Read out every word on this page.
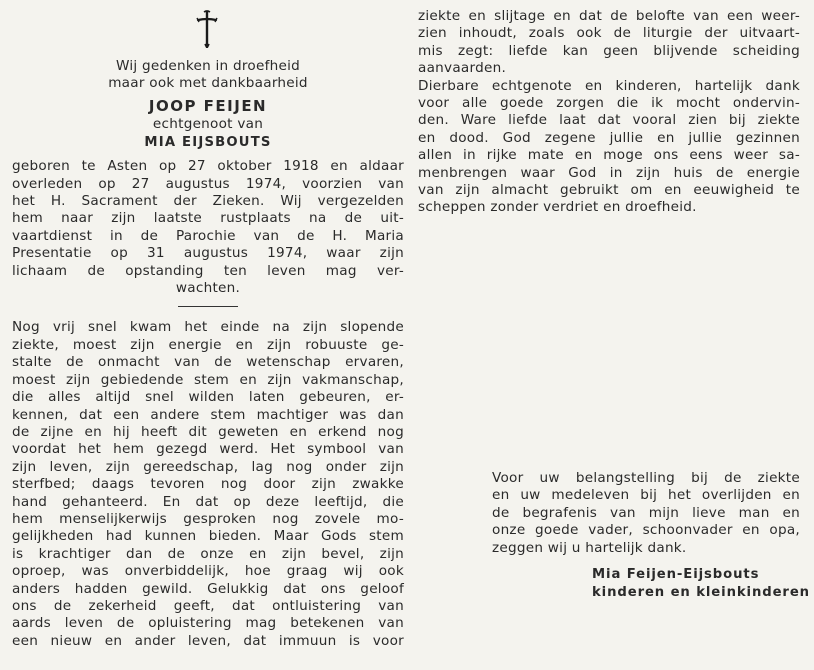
Wij gedenken in droefheid
maar ook met dankbaarheid
JOOP FEIJEN
echtgenoot van
MIA EIJSBOUTS
geboren te Asten op 27 oktober 1918 en aldaar
overleden op 27 augustus 1974, voorzien van
het H. Sacrament der Zieken. Wij vergezelden
hem naar zijn laatste rustplaats na de uit-
vaartdienst in de Parochie van de H. Maria
Presentatie op 31 augustus 1974, waar zijn
lichaam de opstanding ten leven mag ver-
wachten.
Nog vrij snel kwam het einde na zijn slopende
ziekte, moest zijn energie en zijn robuuste ge-
stalte de onmacht van de wetenschap ervaren,
moest zijn gebiedende stem en zijn vakmanschap,
die alles altijd snel wilden laten gebeuren, er-
kennen, dat een andere stem machtiger was dan
de zijne en hij heeft dit geweten en erkend nog
voordat het hem gezegd werd. Het symbool van
zijn leven, zijn gereedschap, lag nog onder zijn
sterfbed; daags tevoren nog door zijn zwakke
hand gehanteerd. En dat op deze leeftijd, die
hem menselijkerwijs gesproken nog zovele mo-
gelijkheden had kunnen bieden. Maar Gods stem
is krachtiger dan de onze en zijn bevel, zijn
oproep, was onverbiddelijk, hoe graag wij ook
anders hadden gewild. Gelukkig dat ons geloof
ons de zekerheid geeft, dat ontluistering van
aards leven de opluistering mag betekenen van
een nieuw en ander leven, dat immuun is voor
ziekte en slijtage en dat de belofte van een weer-
zien inhoudt, zoals ook de liturgie der uitvaart-
mis zegt: liefde kan geen blijvende scheiding
aanvaarden.
Dierbare echtgenote en kinderen, hartelijk dank
voor alle goede zorgen die ik mocht ondervin-
den. Ware liefde laat dat vooral zien bij ziekte
en dood. God zegene jullie en jullie gezinnen
allen in rijke mate en moge ons eens weer sa-
menbrengen waar God in zijn huis de energie
van zijn almacht gebruikt om en eeuwigheid te
scheppen zonder verdriet en droefheid.
Voor uw belangstelling bij de ziekte
en uw medeleven bij het overlijden en
de begrafenis van mijn lieve man en
onze goede vader, schoonvader en opa,
zeggen wij u hartelijk dank.
Mia Feijen-Eijsbouts
kinderen en kleinkinderen
